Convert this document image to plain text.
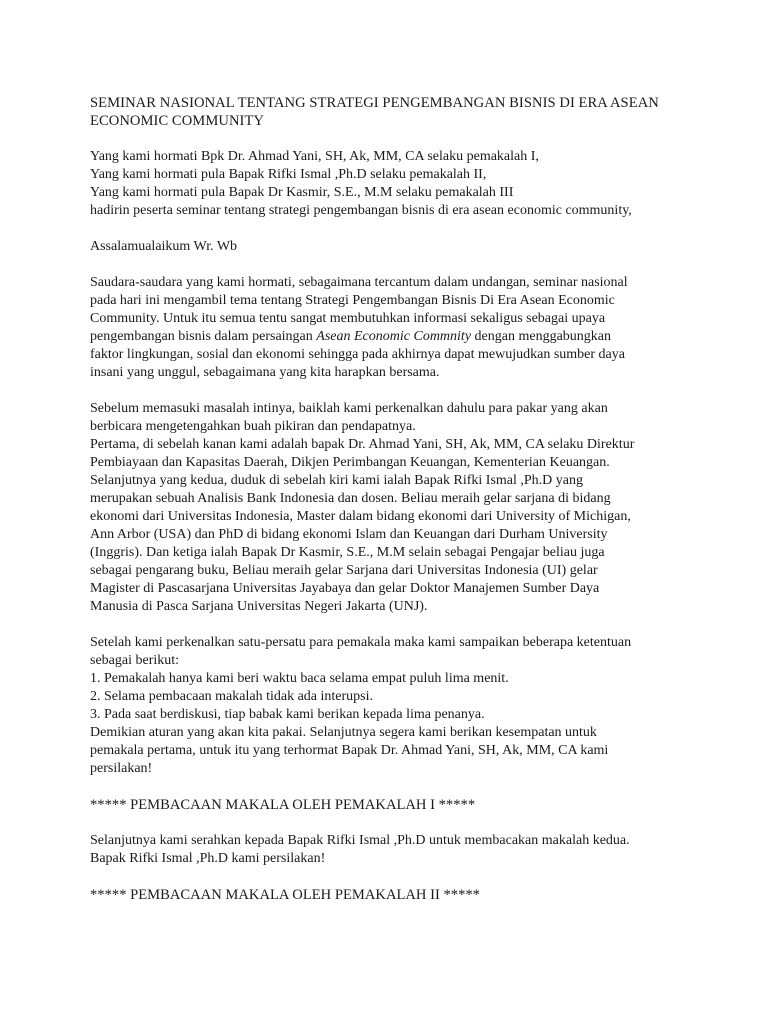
SEMINAR NASIONAL TENTANG STRATEGI PENGEMBANGAN BISNIS DI ERA ASEAN
ECONOMIC COMMUNITY
Yang kami hormati Bpk Dr. Ahmad Yani, SH, Ak, MM, CA selaku pemakalah I,
Yang kami hormati pula Bapak Rifki Ismal ,Ph.D selaku pemakalah II,
Yang kami hormati pula Bapak Dr Kasmir, S.E., M.M selaku pemakalah III
hadirin peserta seminar tentang strategi pengembangan bisnis di era asean economic community,
Assalamualaikum Wr. Wb
Saudara-saudara yang kami hormati, sebagaimana tercantum dalam undangan, seminar nasional
pada hari ini mengambil tema tentang Strategi Pengembangan Bisnis Di Era Asean Economic
Community. Untuk itu semua tentu sangat membutuhkan informasi sekaligus sebagai upaya
pengembangan bisnis dalam persaingan Asean Economic Commnity dengan menggabungkan
faktor lingkungan, sosial dan ekonomi sehingga pada akhirnya dapat mewujudkan sumber daya
insani yang unggul, sebagaimana yang kita harapkan bersama.
Sebelum memasuki masalah intinya, baiklah kami perkenalkan dahulu para pakar yang akan
berbicara mengetengahkan buah pikiran dan pendapatnya.
Pertama, di sebelah kanan kami adalah bapak Dr. Ahmad Yani, SH, Ak, MM, CA selaku Direktur
Pembiayaan dan Kapasitas Daerah, Dikjen Perimbangan Keuangan, Kementerian Keuangan.
Selanjutnya yang kedua, duduk di sebelah kiri kami ialah Bapak Rifki Ismal ,Ph.D yang
merupakan sebuah Analisis Bank Indonesia dan dosen. Beliau meraih gelar sarjana di bidang
ekonomi dari Universitas Indonesia, Master dalam bidang ekonomi dari University of Michigan,
Ann Arbor (USA) dan PhD di bidang ekonomi Islam dan Keuangan dari Durham University
(Inggris). Dan ketiga ialah Bapak Dr Kasmir, S.E., M.M selain sebagai Pengajar beliau juga
sebagai pengarang buku, Beliau meraih gelar Sarjana dari Universitas Indonesia (UI) gelar
Magister di Pascasarjana Universitas Jayabaya dan gelar Doktor Manajemen Sumber Daya
Manusia di Pasca Sarjana Universitas Negeri Jakarta (UNJ).
Setelah kami perkenalkan satu-persatu para pemakala maka kami sampaikan beberapa ketentuan
sebagai berikut:
1. Pemakalah hanya kami beri waktu baca selama empat puluh lima menit.
2. Selama pembacaan makalah tidak ada interupsi.
3. Pada saat berdiskusi, tiap babak kami berikan kepada lima penanya.
Demikian aturan yang akan kita pakai. Selanjutnya segera kami berikan kesempatan untuk
pemakala pertama, untuk itu yang terhormat Bapak Dr. Ahmad Yani, SH, Ak, MM, CA kami
persilakan!
***** PEMBACAAN MAKALA OLEH PEMAKALAH I *****
Selanjutnya kami serahkan kepada Bapak Rifki Ismal ,Ph.D untuk membacakan makalah kedua.
Bapak Rifki Ismal ,Ph.D kami persilakan!
***** PEMBACAAN MAKALA OLEH PEMAKALAH II *****
